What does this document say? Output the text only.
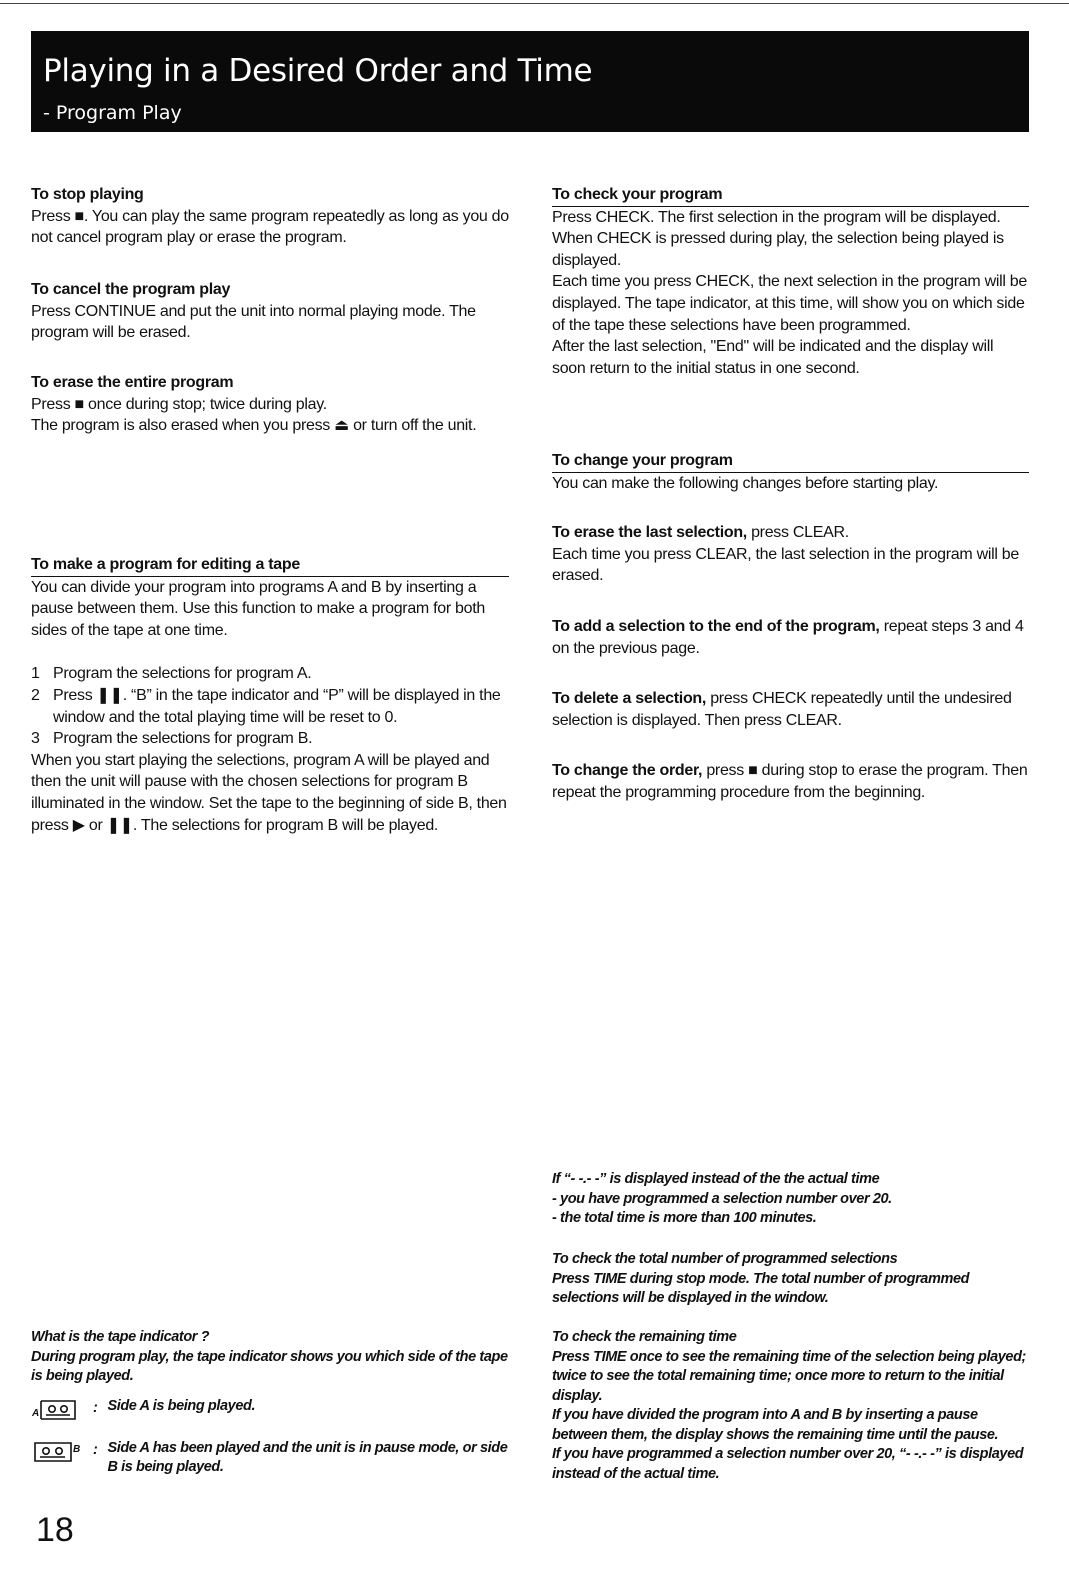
Playing in a Desired Order and Time
- Program Play

To stop playing

Press ■. You can play the same program repeatedly as long as you do not cancel program play or erase the program.

To cancel the program play

Press CONTINUE and put the unit into normal playing mode. The program will be erased.

To erase the entire program

Press ■ once during stop; twice during play.

The program is also erased when you press ⏏ or turn off the unit.

To make a program for editing a tape

You can divide your program into programs A and B by inserting a pause between them. Use this function to make a program for both sides of the tape at one time.

1 Program the selections for program A.
2 Press ❚❚. “B” in the tape indicator and “P” will be displayed in the window and the total playing time will be reset to 0.
3 Program the selections for program B.

When you start playing the selections, program A will be played and then the unit will pause with the chosen selections for program B illuminated in the window. Set the tape to the beginning of side B, then press ▶ or ❚❚. The selections for program B will be played.

What is the tape indicator ?

During program play, the tape indicator shows you which side of the tape is being played.

A	: Side A is being played.
B : Side A has been played and the unit is in pause mode, or side B is being played.

To check your program

Press CHECK. The first selection in the program will be displayed. When CHECK is pressed during play, the selection being played is displayed.

Each time you press CHECK, the next selection in the program will be displayed. The tape indicator, at this time, will show you on which side of the tape these selections have been programmed.

After the last selection, "End" will be indicated and the display will soon return to the initial status in one second.

To change your program

You can make the following changes before starting play.

To erase the last selection, press CLEAR.

Each time you press CLEAR, the last selection in the program will be erased.

To add a selection to the end of the program, repeat steps 3 and 4 on the previous page.

To delete a selection, press CHECK repeatedly until the undesired selection is displayed. Then press CLEAR.

To change the order, press ■ during stop to erase the program. Then repeat the programming procedure from the beginning.

If “- -.- -” is displayed instead of the the actual time

- you have programmed a selection number over 20.

- the total time is more than 100 minutes.

To check the total number of programmed selections

Press TIME during stop mode. The total number of programmed selections will be displayed in the window.

To check the remaining time

Press TIME once to see the remaining time of the selection being played; twice to see the total remaining time; once more to return to the initial display.

If you have divided the program into A and B by inserting a pause between them, the display shows the remaining time until the pause.

If you have programmed a selection number over 20, “- -.- -” is displayed instead of the actual time.

18
